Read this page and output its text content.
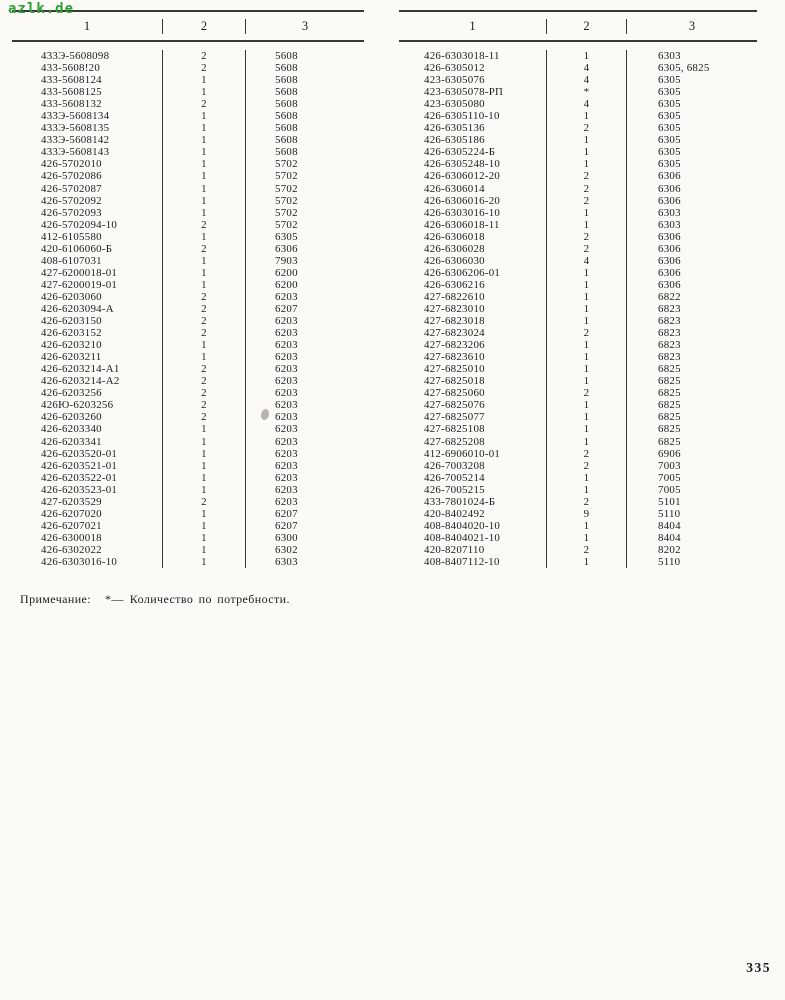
azlk.de
1	2	3
433Э-5608098	2	5608
433-5608!20	2	5608
433-5608124	1	5608
433-5608125	1	5608
433-5608132	2	5608
433Э-5608134	1	5608
433Э-5608135	1	5608
433Э-5608142	1	5608
433Э-5608143	1	5608
426-5702010	1	5702
426-5702086	1	5702
426-5702087	1	5702
426-5702092	1	5702
426-5702093	1	5702
426-5702094-10	2	5702
412-6105580	1	6305
420-6106060-Б	2	6306
408-6107031	1	7903
427-6200018-01	1	6200
427-6200019-01	1	6200
426-6203060	2	6203
426-6203094-А	2	6207
426-6203150	2	6203
426-6203152	2	6203
426-6203210	1	6203
426-6203211	1	6203
426-6203214-А1	2	6203
426-6203214-А2	2	6203
426-6203256	2	6203
426Ю-6203256	2	6203
426-6203260	2	6203
426-6203340	1	6203
426-6203341	1	6203
426-6203520-01	1	6203
426-6203521-01	1	6203
426-6203522-01	1	6203
426-6203523-01	1	6203
427-6203529	2	6203
426-6207020	1	6207
426-6207021	1	6207
426-6300018	1	6300
426-6302022	1	6302
426-6303016-10	1	6303
1	2	3
426-6303018-11	1	6303
426-6305012	4	6305, 6825
423-6305076	4	6305
423-6305078-РП	*	6305
423-6305080	4	6305
426-6305110-10	1	6305
426-6305136	2	6305
426-6305186	1	6305
426-6305224-Б	1	6305
426-6305248-10	1	6305
426-6306012-20	2	6306
426-6306014	2	6306
426-6306016-20	2	6306
426-6303016-10	1	6303
426-6306018-11	1	6303
426-6306018	2	6306
426-6306028	2	6306
426-6306030	4	6306
426-6306206-01	1	6306
426-6306216	1	6306
427-6822610	1	6822
427-6823010	1	6823
427-6823018	1	6823
427-6823024	2	6823
427-6823206	1	6823
427-6823610	1	6823
427-6825010	1	6825
427-6825018	1	6825
427-6825060	2	6825
427-6825076	1	6825
427-6825077	1	6825
427-6825108	1	6825
427-6825208	1	6825
412-6906010-01	2	6906
426-7003208	2	7003
426-7005214	1	7005
426-7005215	1	7005
433-7801024-Б	2	5101
420-8402492	9	5110
408-8404020-10	1	8404
408-8404021-10	1	8404
420-8207110	2	8202
408-8407112-10	1	5110
Примечание: *— Количество по потребности.
335
